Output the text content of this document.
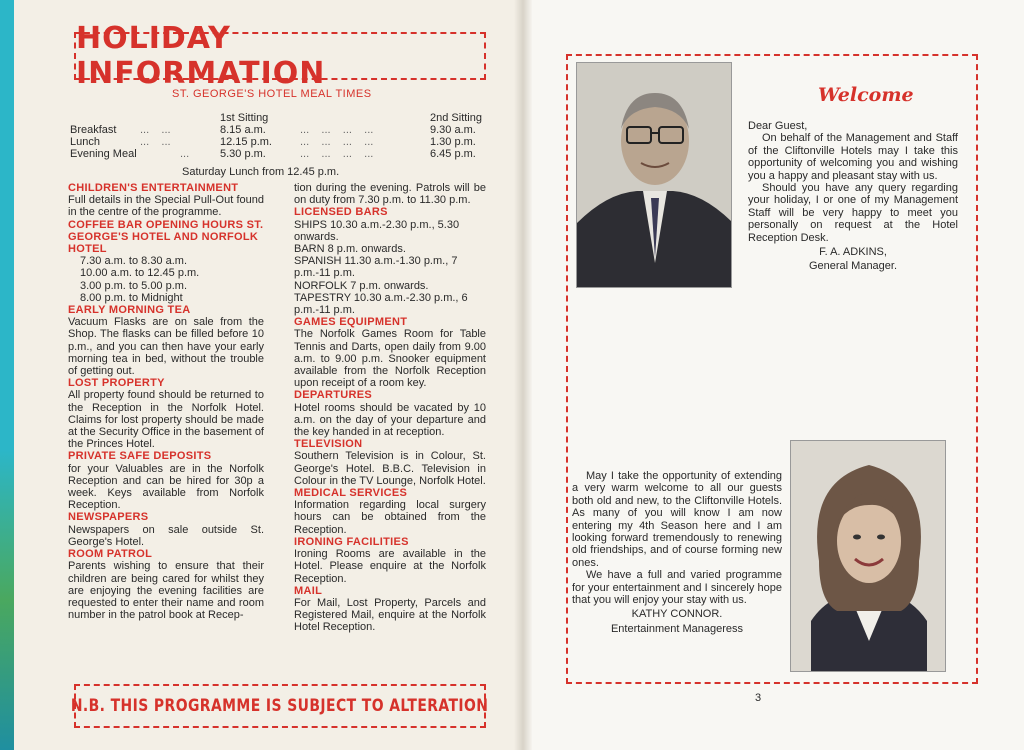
HOLIDAY INFORMATION
ST. GEORGE'S HOTEL MEAL TIMES
1st Sitting	2nd Sitting
Breakfast ...    ...	8.15 a.m.	...    ...    ...    ...	9.30 a.m.
Lunch	...    ...	12.15 p.m.	...    ...    ...    ...	1.30 p.m.
Evening Meal	...	5.30 p.m.	...    ...    ...    ...	6.45 p.m.
Saturday Lunch from 12.45 p.m.

CHILDREN'S ENTERTAINMENT

Full details in the Special Pull-Out found in the centre of the programme.

COFFEE BAR OPENING HOURS ST. GEORGE'S HOTEL AND NORFOLK HOTEL

7.30 a.m. to 8.30 a.m.

10.00 a.m. to 12.45 p.m.

3.00 p.m. to 5.00 p.m.

8.00 p.m. to Midnight

EARLY MORNING TEA

Vacuum Flasks are on sale from the Shop. The flasks can be filled before 10 p.m., and you can then have your early morning tea in bed, without the trouble of getting out.

LOST PROPERTY

All property found should be returned to the Reception in the Norfolk Hotel. Claims for lost property should be made at the Security Office in the basement of the Princes Hotel.

PRIVATE SAFE DEPOSITS

for your Valuables are in the Norfolk Reception and can be hired for 30p a week. Keys available from Norfolk Reception.

NEWSPAPERS

Newspapers on sale outside St. George's Hotel.

ROOM PATROL

Parents wishing to ensure that their children are being cared for whilst they are enjoying the evening facilities are requested to enter their name and room number in the patrol book at Recep-

tion during the evening. Patrols will be on duty from 7.30 p.m. to 11.30 p.m.

LICENSED BARS

SHIPS 10.30 a.m.-2.30 p.m., 5.30 onwards.

BARN 8 p.m. onwards.

SPANISH 11.30 a.m.-1.30 p.m., 7 p.m.-11 p.m.

NORFOLK 7 p.m. onwards.

TAPESTRY 10.30 a.m.-2.30 p.m., 6 p.m.-11 p.m.

GAMES EQUIPMENT

The Norfolk Games Room for Table Tennis and Darts, open daily from 9.00 a.m. to 9.00 p.m. Snooker equipment available from the Norfolk Reception upon receipt of a room key.

DEPARTURES

Hotel rooms should be vacated by 10 a.m. on the day of your departure and the key handed in at reception.

TELEVISION

Southern Television is in Colour, St. George's Hotel. B.B.C. Television in Colour in the TV Lounge, Norfolk Hotel.

MEDICAL SERVICES

Information regarding local surgery hours can be obtained from the Reception.

IRONING FACILITIES

Ironing Rooms are available in the Hotel. Please enquire at the Norfolk Reception.

MAIL

For Mail, Lost Property, Parcels and Registered Mail, enquire at the Norfolk Hotel Reception.

N.B. THIS PROGRAMME IS SUBJECT TO ALTERATION
Welcome

Dear Guest,

On behalf of the Management and Staff of the Cliftonville Hotels may I take this opportunity of welcoming you and wishing you a happy and pleasant stay with us.

Should you have any query regarding your holiday, I or one of my Management Staff will be very happy to meet you personally on request at the Hotel Reception Desk.

F. A. ADKINS,

General Manager.

May I take the opportunity of extending a very warm welcome to all our guests both old and new, to the Cliftonville Hotels. As many of you will know I am now entering my 4th Season here and I am looking forward tremendously to renewing old friendships, and of course forming new ones.

We have a full and varied programme for your entertainment and I sincerely hope that you will enjoy your stay with us.

KATHY CONNOR.

Entertainment Manageress

3
